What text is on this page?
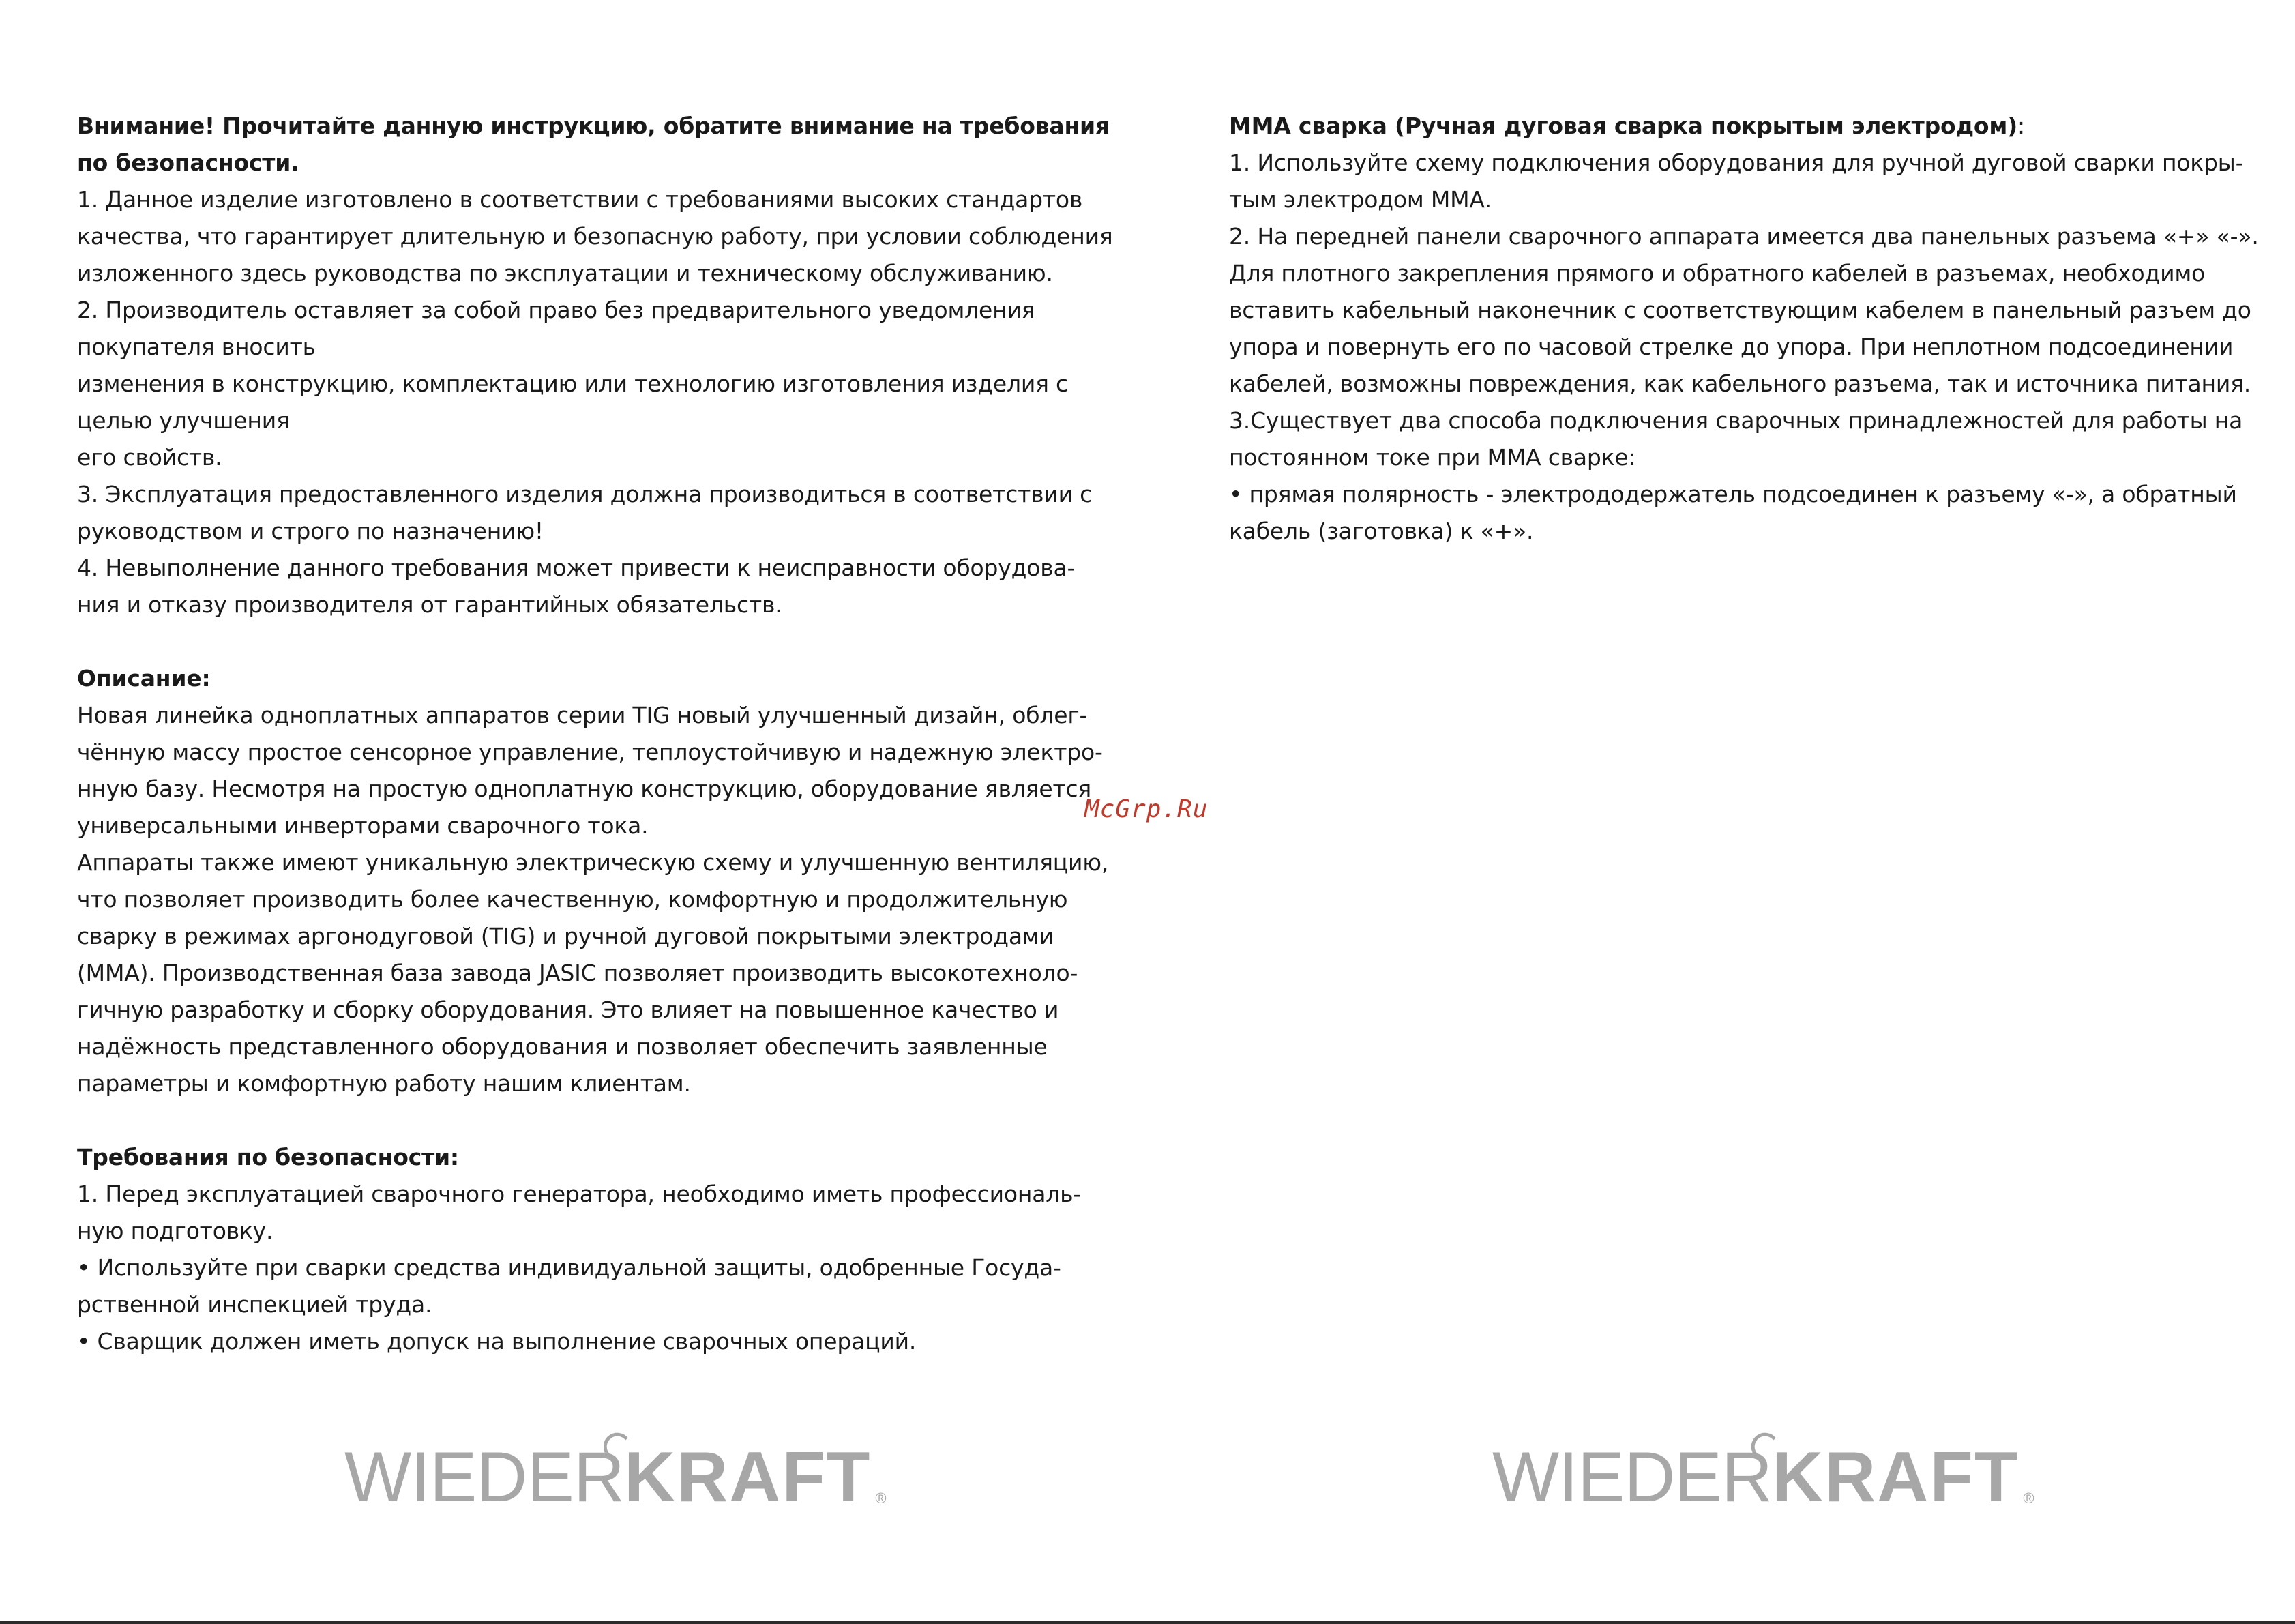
Внимание! Прочитайте данную инструкцию, обратите внимание на требования
по безопасности.
1. Данное изделие изготовлено в соответствии с требованиями высоких стандартов
качества, что гарантирует длительную и безопасную работу, при условии соблюдения
изложенного здесь руководства по эксплуатации и техническому обслуживанию.
2. Производитель оставляет за собой право без предварительного уведомления
покупателя вносить
изменения в конструкцию, комплектацию или технологию изготовления изделия с
целью улучшения
его свойств.
3. Эксплуатация предоставленного изделия должна производиться в соответствии с
руководством и строго по назначению!
4. Невыполнение данного требования может привести к неисправности оборудова-
ния и отказу производителя от гарантийных обязательств.
Описание:
Новая линейка одноплатных аппаратов серии TIG новый улучшенный дизайн, облег-
чённую массу простое сенсорное управление, теплоустойчивую и надежную электро-
нную базу. Несмотря на простую одноплатную конструкцию, оборудование является
универсальными инверторами сварочного тока.
Аппараты также имеют уникальную электрическую схему и улучшенную вентиляцию,
что позволяет производить более качественную, комфортную и продолжительную
сварку в режимах аргонодуговой (TIG) и ручной дуговой покрытыми электродами
(MMA). Производственная база завода JASIC позволяет производить высокотехноло-
гичную разработку и сборку оборудования. Это влияет на повышенное качество и
надёжность представленного оборудования и позволяет обеспечить заявленные
параметры и комфортную работу нашим клиентам.
Требования по безопасности:
1. Перед эксплуатацией сварочного генератора, необходимо иметь профессиональ-
ную подготовку.
• Используйте при сварки средства индивидуальной защиты, одобренные Госуда-
рственной инспекцией труда.
• Сварщик должен иметь допуск на выполнение сварочных операций.
MMA сварка (Ручная дуговая сварка покрытым электродом):
1. Используйте схему подключения оборудования для ручной дуговой сварки покры-
тым электродом ММА.
2. На передней панели сварочного аппарата имеется два панельных разъема «+» «-».
Для плотного закрепления прямого и обратного кабелей в разъемах, необходимо
вставить кабельный наконечник с соответствующим кабелем в панельный разъем до
упора и повернуть его по часовой стрелке до упора. При неплотном подсоединении
кабелей, возможны повреждения, как кабельного разъема, так и источника питания.
3.Существует два способа подключения сварочных принадлежностей для работы на
постоянном токе при ММА сварке:
• прямая полярность - электрододержатель подсоединен к разъему «-», а обратный
кабель (заготовка) к «+».
McGrp.Ru
WIEDER KRAFT ®	WIEDER KRAFT ®
